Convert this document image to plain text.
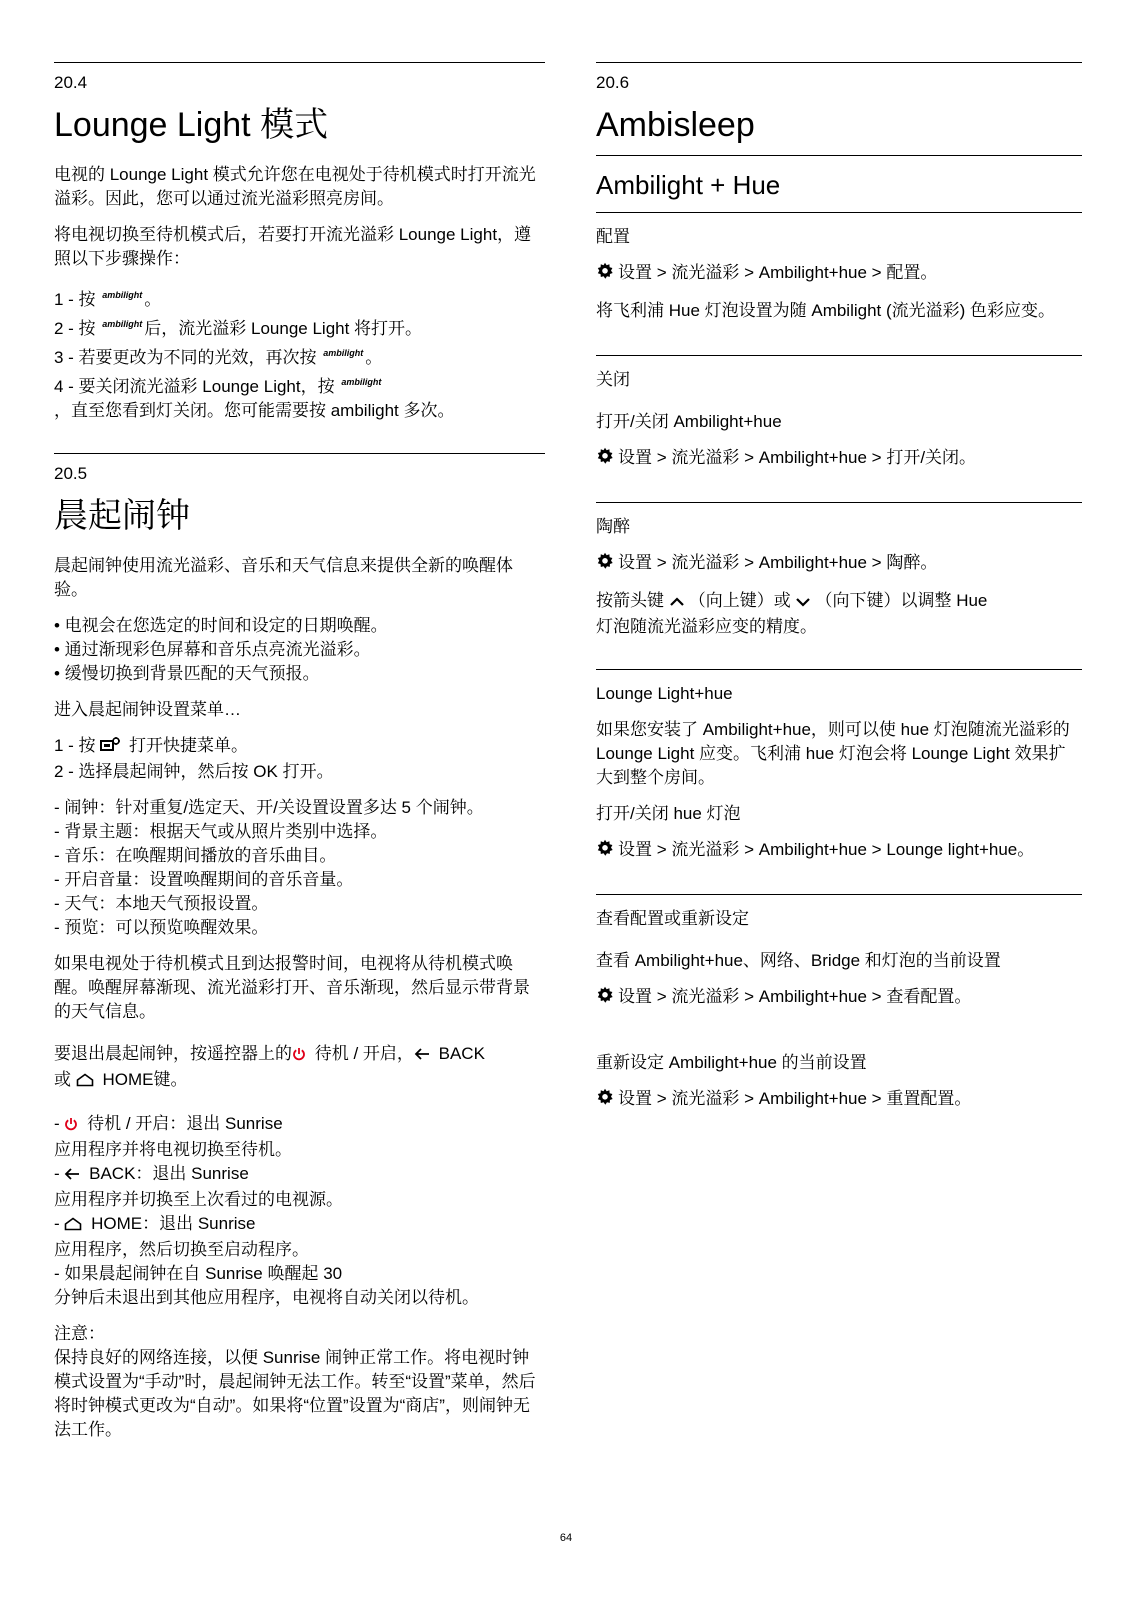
20.4
Lounge Light 模式

电视的 Lounge Light 模式允许您在电视处于待机模式时打开流光溢彩。因此，您可以通过流光溢彩照亮房间。

将电视切换至待机模式后，若要打开流光溢彩 Lounge Light，遵照以下步骤操作：

1 - 按 $^{ambilight}$ 。

2 - 按 $^{ambilight}$ 后，流光溢彩 Lounge Light 将打开。

3 - 若要更改为不同的光效，再次按 $^{ambilight}$ 。

4 - 要关闭流光溢彩 Lounge Light，按 $^{ambilight}$
，直至您看到灯关闭。您可能需要按 ambilight 多次。

20.5
晨起闹钟

晨起闹钟使用流光溢彩、音乐和天气信息来提供全新的唤醒体验。

• 电视会在您选定的时间和设定的日期唤醒。

• 通过渐现彩色屏幕和音乐点亮流光溢彩。

• 缓慢切换到背景匹配的天气预报。

进入晨起闹钟设置菜单…

1 - 按  打开快捷菜单。

2 - 选择晨起闹钟，然后按 OK 打开。

- 闹钟：针对重复/选定天、开/关设置设置多达 5 个闹钟。

- 背景主题：根据天气或从照片类别中选择。

- 音乐：在唤醒期间播放的音乐曲目。

- 开启音量：设置唤醒期间的音乐音量。

- 天气：本地天气预报设置。

- 预览：可以预览唤醒效果。

如果电视处于待机模式且到达报警时间，电视将从待机模式唤醒。唤醒屏幕渐现、流光溢彩打开、音乐渐现，然后显示带背景的天气信息。

要退出晨起闹钟，按遥控器上的 待机 / 开启， BACK
或  HOME键。

-  待机 / 开启：退出 Sunrise

应用程序并将电视切换至待机。

-  BACK：退出 Sunrise

应用程序并切换至上次看过的电视源。

-  HOME：退出 Sunrise

应用程序，然后切换至启动程序。

- 如果晨起闹钟在自 Sunrise 唤醒起 30

分钟后未退出到其他应用程序，电视将自动关闭以待机。

注意：

保持良好的网络连接，以便 Sunrise 闹钟正常工作。将电视时钟模式设置为“手动”时，晨起闹钟无法工作。转至“设置”菜单，然后将时钟模式更改为“自动”。如果将“位置”设置为“商店”，则闹钟无法工作。

20.6
Ambisleep
Ambilight + Hue
配置

设置 > 流光溢彩 > Ambilight+hue > 配置。

将飞利浦 Hue 灯泡设置为随 Ambilight (流光溢彩) 色彩应变。

关闭

打开/关闭 Ambilight+hue

设置 > 流光溢彩 > Ambilight+hue > 打开/关闭。

陶醉

设置 > 流光溢彩 > Ambilight+hue > 陶醉。

按箭头键 （向上键）或 （向下键）以调整 Hue
灯泡随流光溢彩应变的精度。

Lounge Light+hue

如果您安装了 Ambilight+hue，则可以使 hue 灯泡随流光溢彩的 Lounge Light 应变。飞利浦 hue 灯泡会将 Lounge Light 效果扩大到整个房间。

打开/关闭 hue 灯泡

设置 > 流光溢彩 > Ambilight+hue > Lounge light+hue。

查看配置或重新设定

查看 Ambilight+hue、网络、Bridge 和灯泡的当前设置

设置 > 流光溢彩 > Ambilight+hue > 查看配置。

重新设定 Ambilight+hue 的当前设置

设置 > 流光溢彩 > Ambilight+hue > 重置配置。

64
